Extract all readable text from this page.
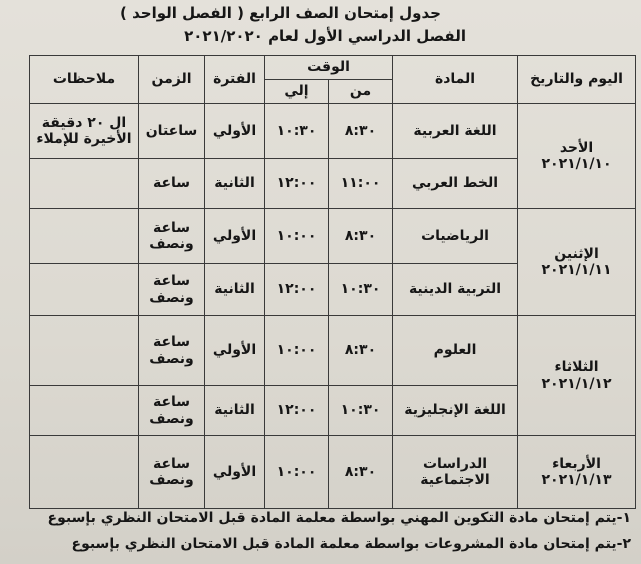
جدول إمتحان الصف الرابع ( الفصل الواحد )
الفصل الدراسي الأول لعام ٢٠٢١/٢٠٢٠
اليوم والتاريخ	المادة	الوقت		الفترة	الزمن	ملاحظات
		من	إلي			

الأحد
٢٠٢١/١/١٠	اللغة العربية	٨:٣٠	١٠:٣٠	الأولي	ساعتان	ال ٢٠ دقيقة الأخيرة للإملاء
	الخط العربي	١١:٠٠	١٢:٠٠	الثانية	ساعة	

الإثنين
٢٠٢١/١/١١	الرياضيات	٨:٣٠	١٠:٠٠	الأولي	ساعة ونصف	
	التربية الدينية	١٠:٣٠	١٢:٠٠	الثانية	ساعة ونصف	

الثلاثاء
٢٠٢١/١/١٢	العلوم	٨:٣٠	١٠:٠٠	الأولي	ساعة ونصف	
	اللغة الإنجليزية	١٠:٣٠	١٢:٠٠	الثانية	ساعة ونصف	

الأربعاء
٢٠٢١/١/١٣	الدراسات الاجتماعية	٨:٣٠	١٠:٠٠	الأولي	ساعة ونصف	
١-يتم إمتحان مادة التكوين المهني بواسطة معلمة المادة قبل الامتحان النظري بإسبوع
٢-يتم إمتحان مادة المشروعات بواسطة معلمة المادة قبل الامتحان النظري بإسبوع
